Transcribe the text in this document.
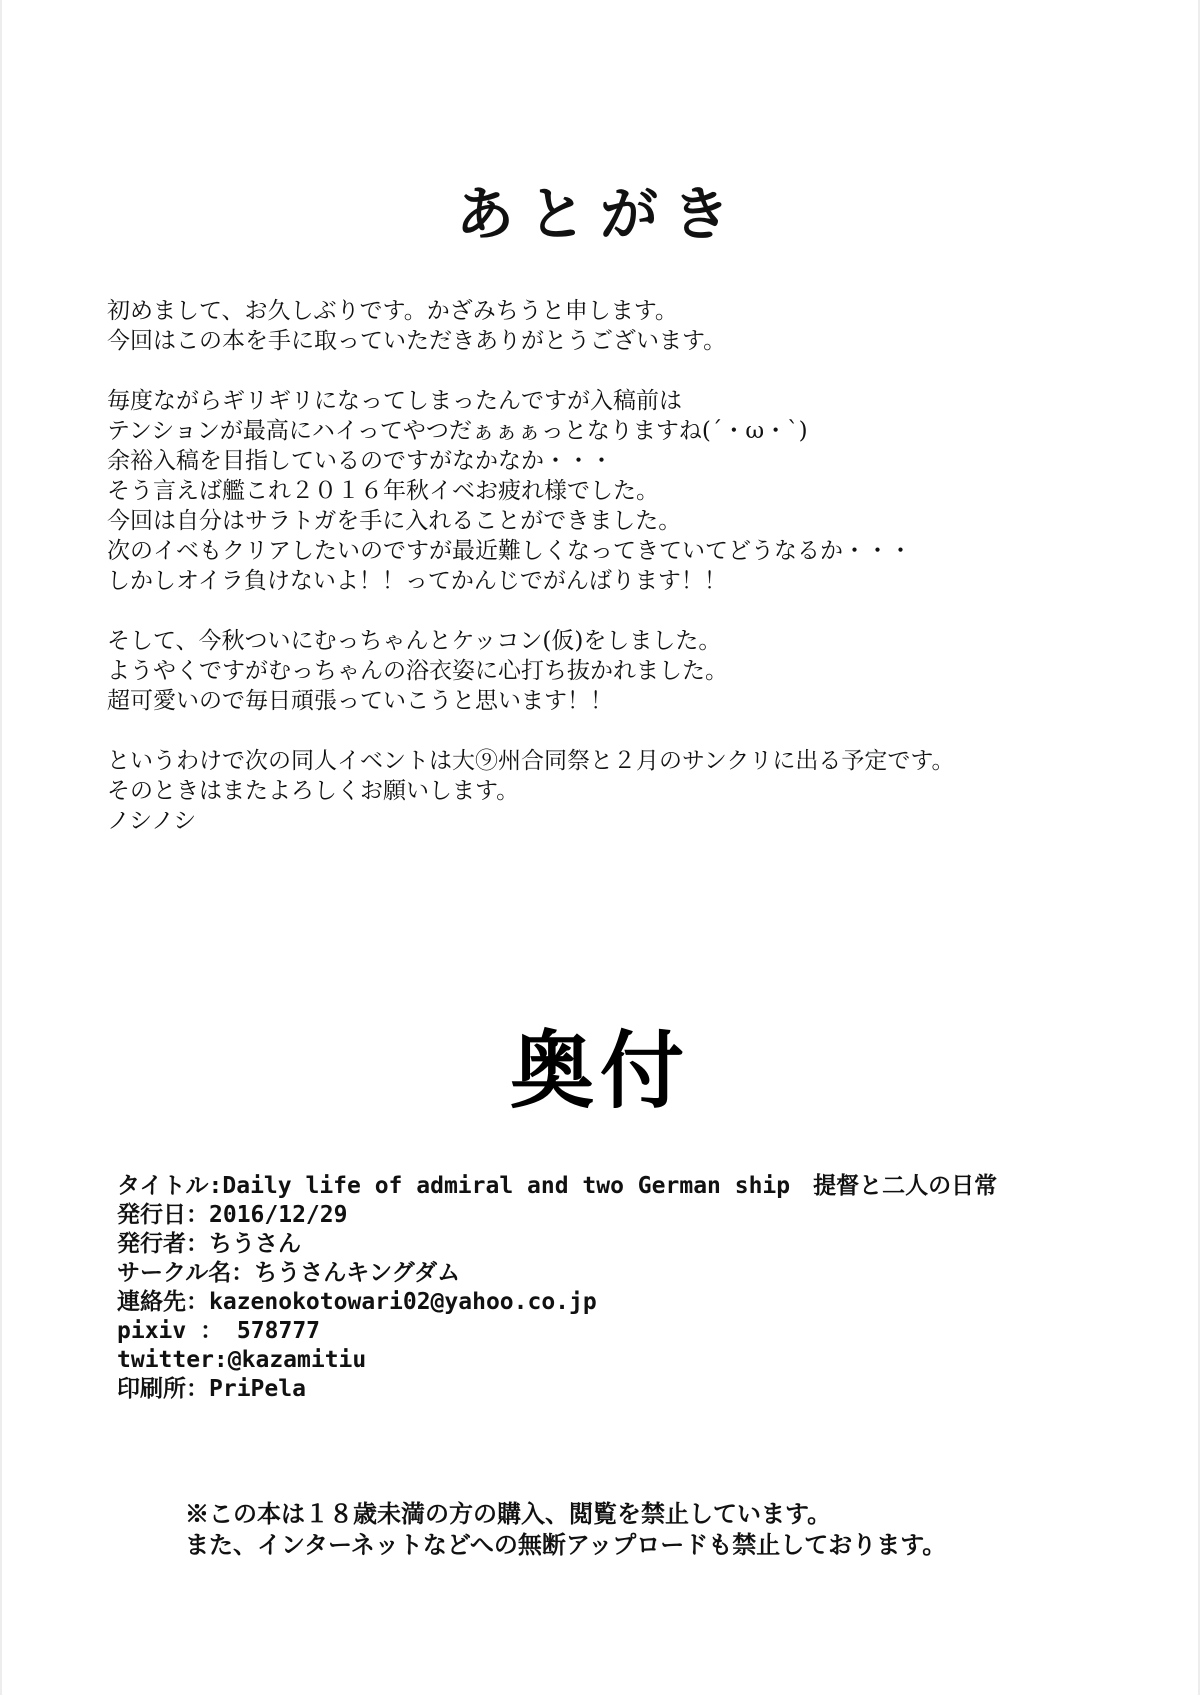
あとがき
初めまして、お久しぶりです。かざみちうと申します。
今回はこの本を手に取っていただきありがとうございます。
毎度ながらギリギリになってしまったんですが入稿前は
テンションが最高にハイってやつだぁぁぁっとなりますね(´・ω・`)
余裕入稿を目指しているのですがなかなか・・・
そう言えば艦これ２０１６年秋イベお疲れ様でした。
今回は自分はサラトガを手に入れることができました。
次のイベもクリアしたいのですが最近難しくなってきていてどうなるか・・・
しかしオイラ負けないよ！！ってかんじでがんばります！！
そして、今秋ついにむっちゃんとケッコン(仮)をしました。
ようやくですがむっちゃんの浴衣姿に心打ち抜かれました。
超可愛いので毎日頑張っていこうと思います！！
というわけで次の同人イベントは大⑨州合同祭と２月のサンクリに出る予定です。
そのときはまたよろしくお願いします。
ノシノシ
奥付
タイトル:Daily life of admiral and two German ship　提督と二人の日常
発行日：2016/12/29
発行者：ちうさん
サークル名：ちうさんキングダム
連絡先：kazenokotowari02@yahoo.co.jp
pixiv ： 578777
twitter:@kazamitiu
印刷所：PriPela
※この本は１８歳未満の方の購入、閲覧を禁止しています。
また、インターネットなどへの無断アップロードも禁止しております。
